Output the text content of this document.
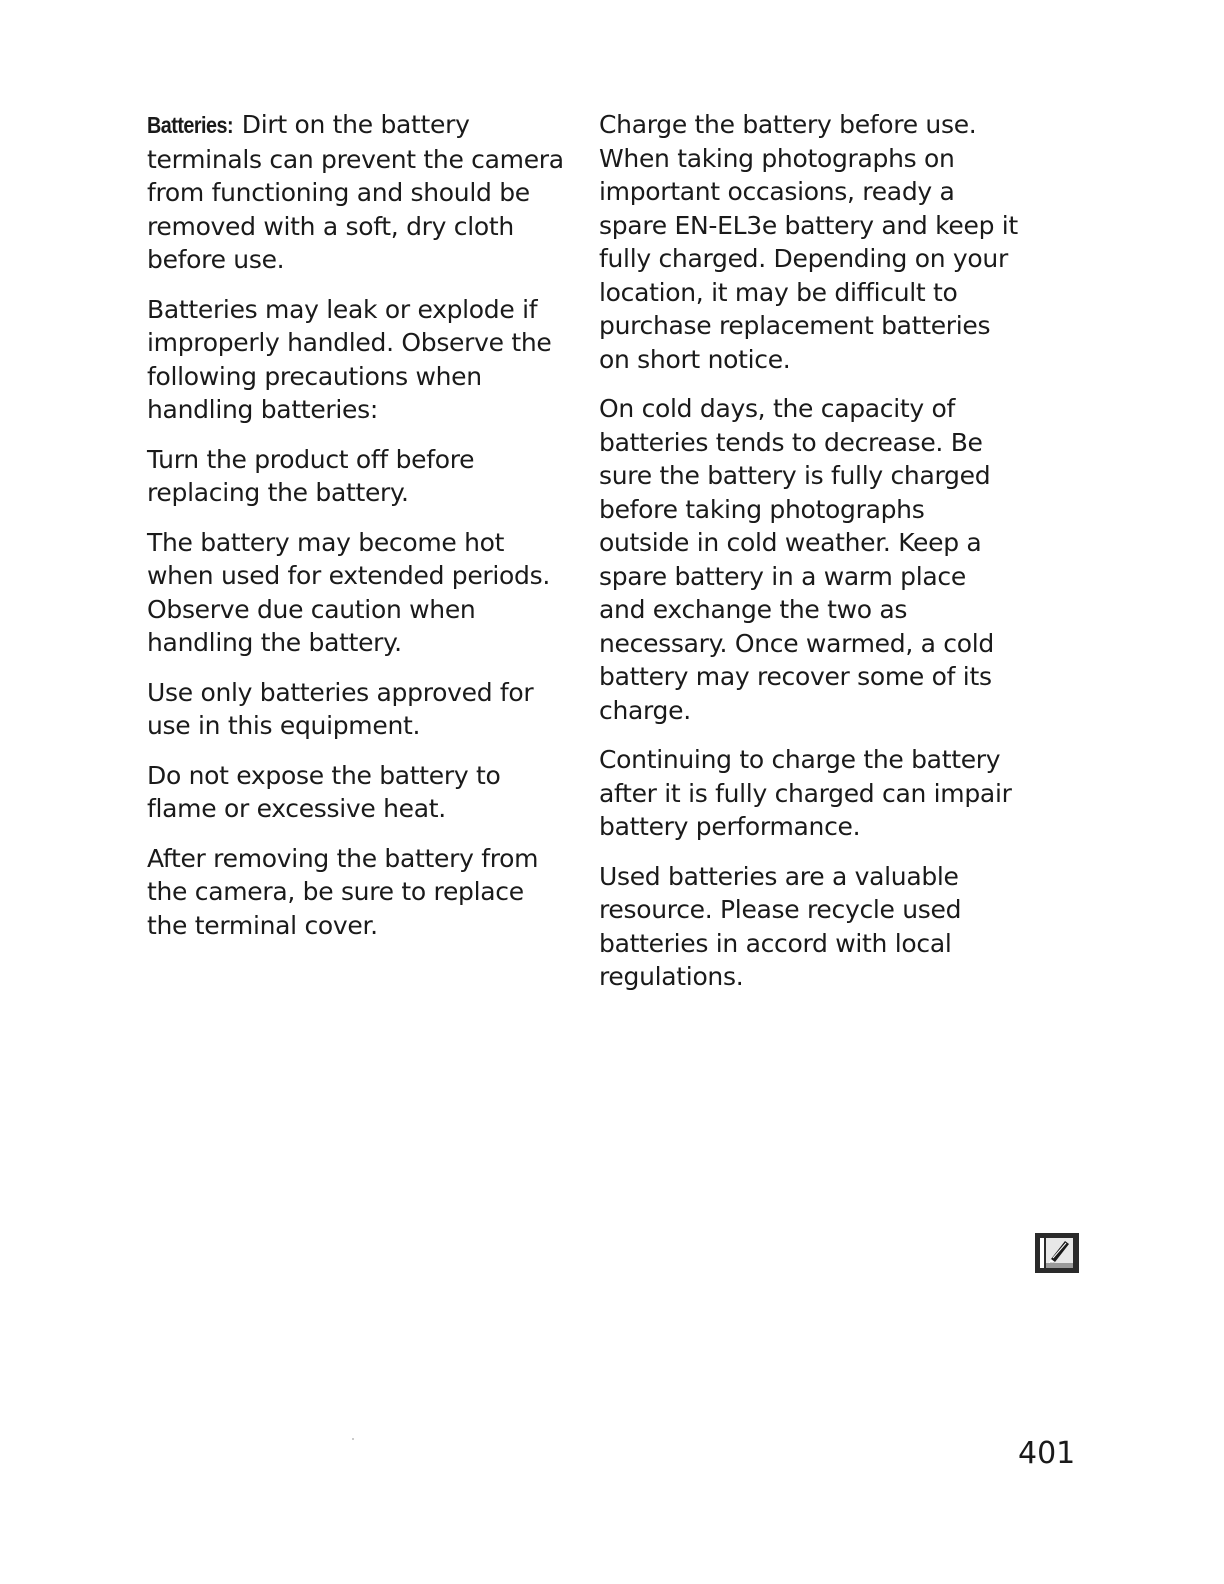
Batteries: Dirt on the battery terminals can prevent the camera from functioning and should be removed with a soft, dry cloth before use.

Batteries may leak or explode if improperly handled. Observe the following precautions when handling batteries:

Turn the product off before replacing the battery.

The battery may become hot when used for extended periods. Observe due caution when handling the battery.

Use only batteries approved for use in this equipment.

Do not expose the battery to flame or excessive heat.

After removing the battery from the camera, be sure to replace the terminal cover.

Charge the battery before use. When taking photographs on important occasions, ready a spare EN-EL3e battery and keep it fully charged. Depending on your location, it may be difficult to purchase replacement batteries on short notice.

On cold days, the capacity of batteries tends to decrease. Be sure the battery is fully charged before taking photographs outside in cold weather. Keep a spare battery in a warm place and exchange the two as necessary. Once warmed, a cold battery may recover some of its charge.

Continuing to charge the battery after it is fully charged can impair battery performance.

Used batteries are a valuable resource. Please recycle used batteries in accord with local regulations.

401
